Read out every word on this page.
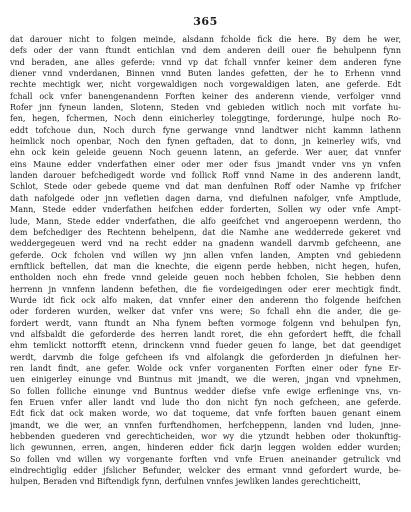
365
dat darouer nicht to folgen meinde, alsdann fcholde fick die here. By dem he wer,
defs oder der vann ftundt entichlan vnd dem anderen deill ouer fie behulpenn fynn
vnd beraden, ane alles geferde: vnnd vp dat fchall vnnfer keiner dem anderen fyne
diener vnnd vnderdanen, Binnen vnnd Buten landes gefetten, der he to Erhenn vnnd
rechte mechtigk wer, nicht vorgewaldigen noch vorgewaldigen laten, ane geferde. Edt
fchall ock vnfer banengenandenn Forften keiner des anderenn viende, verfolger vnnd
Rofer jnn fyneun landen, Slotenn, Steden vnd gebieden witlich noch mit vorfate hu-
fen, hegen, fchermen, Noch denn einicherley toleggtinge, forderunge, hulpe noch Ro-
eddt tofchoue dun, Noch durch fyne gerwange vnnd landtwer nicht kammn lathenn
heimlick noch openbar, Noch den fynen geftaden, dat to donn, jn keinerley wifs, vnd
ehn ock kein geleide geuenn Noch geuenn latenn, an geferde. Wer auer, dat vnnfer
eins Maune edder vnderfathen einer oder mer oder fsus jmandt vnder vns yn vnfen
landen darouer befchedigedt worde vnd follick Roff vnnd Name in des anderenn landt,
Schlot, Stede oder gebede queme vnd dat man denfulnen Roff oder Namhe vp frifcher
dath nafolgede oder jnn vefletien dagen darna, vnd diefulnen nafolger, vnfe Amptlude,
Mann, Stede edder vnderfathen heifchen edder forderten, Sollen wy oder vnfe Ampt-
lude, Mann, Stede edder vnderfathen, die alfo geeifchet vnd angeroepenn werdenn, tho
dem befchediger des Rechtenn behelpenn, dat die Namhe ane wedderrede gekeret vnd
weddergegeuen werd vnd na recht edder na gnadenn wandell darvmb gefcheenn, ane
geferde. Ock fcholen vnd willen wy jnn allen vnfen landen, Ampten vnd gebiedenn
ernftlick beftellen, dat man die knechte, die eigenn perde hebben, nicht hegen, hufen,
entholden noch ehn frede vnnd geleide geuen noch hebben fcholen, Sie hebben denn
herrenn jn vnnfenn landenn befethen, die fie vordeigedingen oder erer mechtigk findt.
Wurde idt fick ock alfo maken, dat vnnfer einer den anderenn tho folgende heifchen
oder forderen wurden, welker dat vnfer vns were; So fchall ehn die ander, die ge-
fordert werdt, vann ftundt an Nha fynem beften vormoge folgenn vnd behulpen fyn,
vnd alfsbaldt die geforderde des herren landt roret, die ehn gefordert hefft, die fchall
ehm temlickt nottorfft etenn, drinckenn vnnd fueder geuen fo lange, bet dat geendiget
werdt, darvmb die folge gefcheen ifs vnd alfolangk die geforderden jn diefulnen her-
ren landt findt, ane gefer. Wolde ock vnfer vorganenten Forften einer oder fyne Er-
uen einigerley einunge vnd Buntnus mit jmandt, we die weren, jngan vnd vpnehmen,
So follen folliche einunge vnd Buntnus wedder diefse vnfe ewige erfleninge vns, vn-
fen Eruen vnfer aller landt vnd lude tho don nicht fyn noch gefcheen, ane geferde.
Edt fick dat ock maken worde, wo dat toqueme, dat vnfe forften bauen genant einem
jmandt, we die wer, an vnnfen furftendhomen, herfcheppenn, landen vnd luden, jnne-
hebbenden guederen vnd gerechticheiden, wor wy die ytzundt hebben oder thokunftig-
lich gewunnen, erren, angen, hinderen edder fick darjn leggen wolden edder wurden;
So follen vnd willen wy vorgenante forften vnd vnfe Eruen aneinander getrulick vnd
eindrechtiglig edder jfslicher Befunder, welcker des ermant vnnd gefordert wurde, be-
hulpen, Beraden vnd Biftendigk fynn, derfulnen vnnfes jewliken landes gerechticheitt,
